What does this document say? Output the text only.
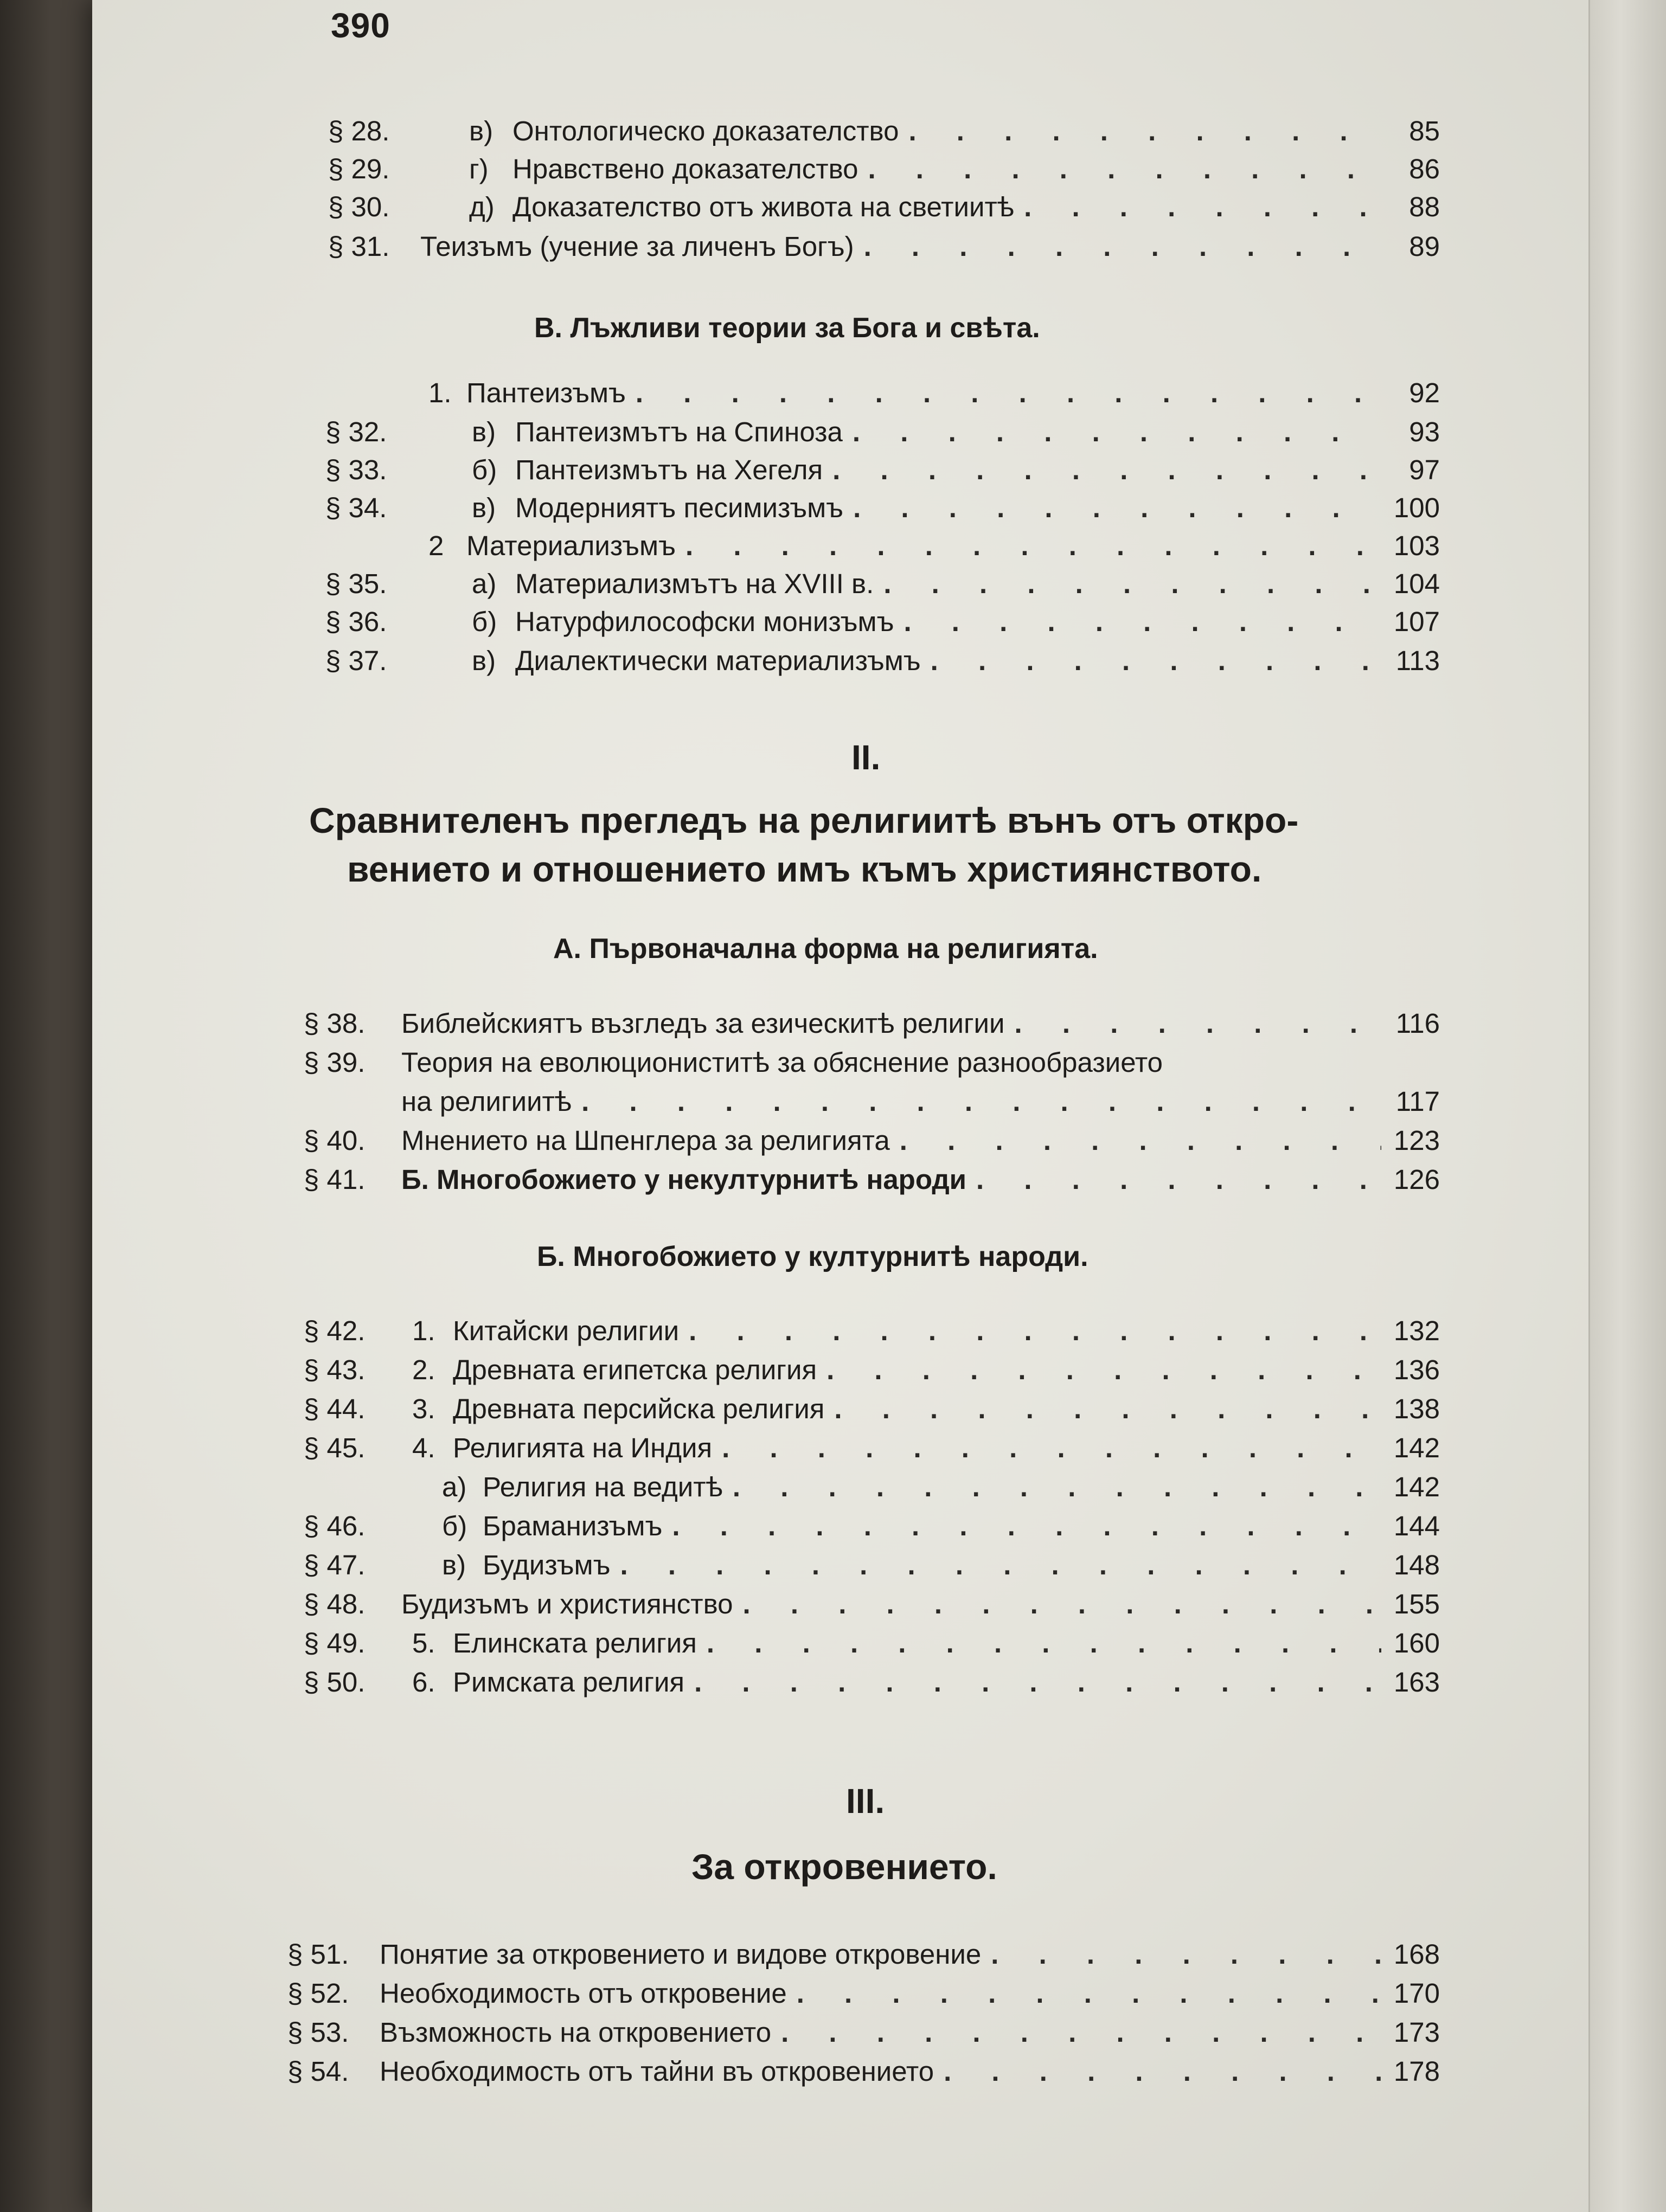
390
§ 28.	в) Онтологическо доказателство . . .	85
§ 29.	г) Нравствено доказателство . . .	86
§ 30.	д) Доказателство отъ живота на светиитѣ . . .	88
§ 31.	Теизъмъ (учение за личенъ Богъ) . . .	89
В. Лъжливи теории за Бога и свѣта.
1. Пантеизъмъ . . .	92
§ 32.	в) Пантеизмътъ на Спиноза . . .	93
§ 33.	б) Пантеизмътъ на Хегеля . . .	97
§ 34.	в) Модерниятъ песимизъмъ . . .	100
2 Материализъмъ . . .	103
§ 35.	а) Материализмътъ на XVIII в. . . .	104
§ 36.	б) Натурфилософски монизъмъ . . .	107
§ 37.	в) Диалектически материализъмъ . . .	113
II.
Сравнителенъ прегледъ на религиитѣ вънъ отъ откро-
вението и отношението имъ къмъ християнството.
А. Първоначална форма на религията.
§ 38.	Библейскиятъ възгледъ за езическитѣ религии . . .	116
§ 39.	Теория на еволюциониститѣ за обяснение разнообразието
на религиитѣ . . .	117
§ 40.	Мнението на Шпенглера за религията . . .	123
§ 41.	Б. Многобожието у некултурнитѣ народи . . .	126
Б. Многобожието у културнитѣ народи.
§ 42.	1. Китайски религии . . .	132
§ 43.	2. Древната египетска религия . . .	136
§ 44.	3. Древната персийска религия . . .	138
§ 45.	4. Религията на Индия . . .	142
а) Религия на ведитѣ . . .	142
§ 46.	б) Браманизъмъ . . .	144
§ 47.	в) Будизъмъ . . .	148
§ 48.	Будизъмъ и християнство . . .	155
§ 49.	5. Елинската религия . . .	160
§ 50.	6. Римската религия . . .	163
III.
За откровението.
§ 51.	Понятие за откровението и видове откровение . . .	168
§ 52.	Необходимость отъ откровение . . .	170
§ 53.	Възможность на откровението . . .	173
§ 54.	Необходимость отъ тайни въ откровението . . .	178
